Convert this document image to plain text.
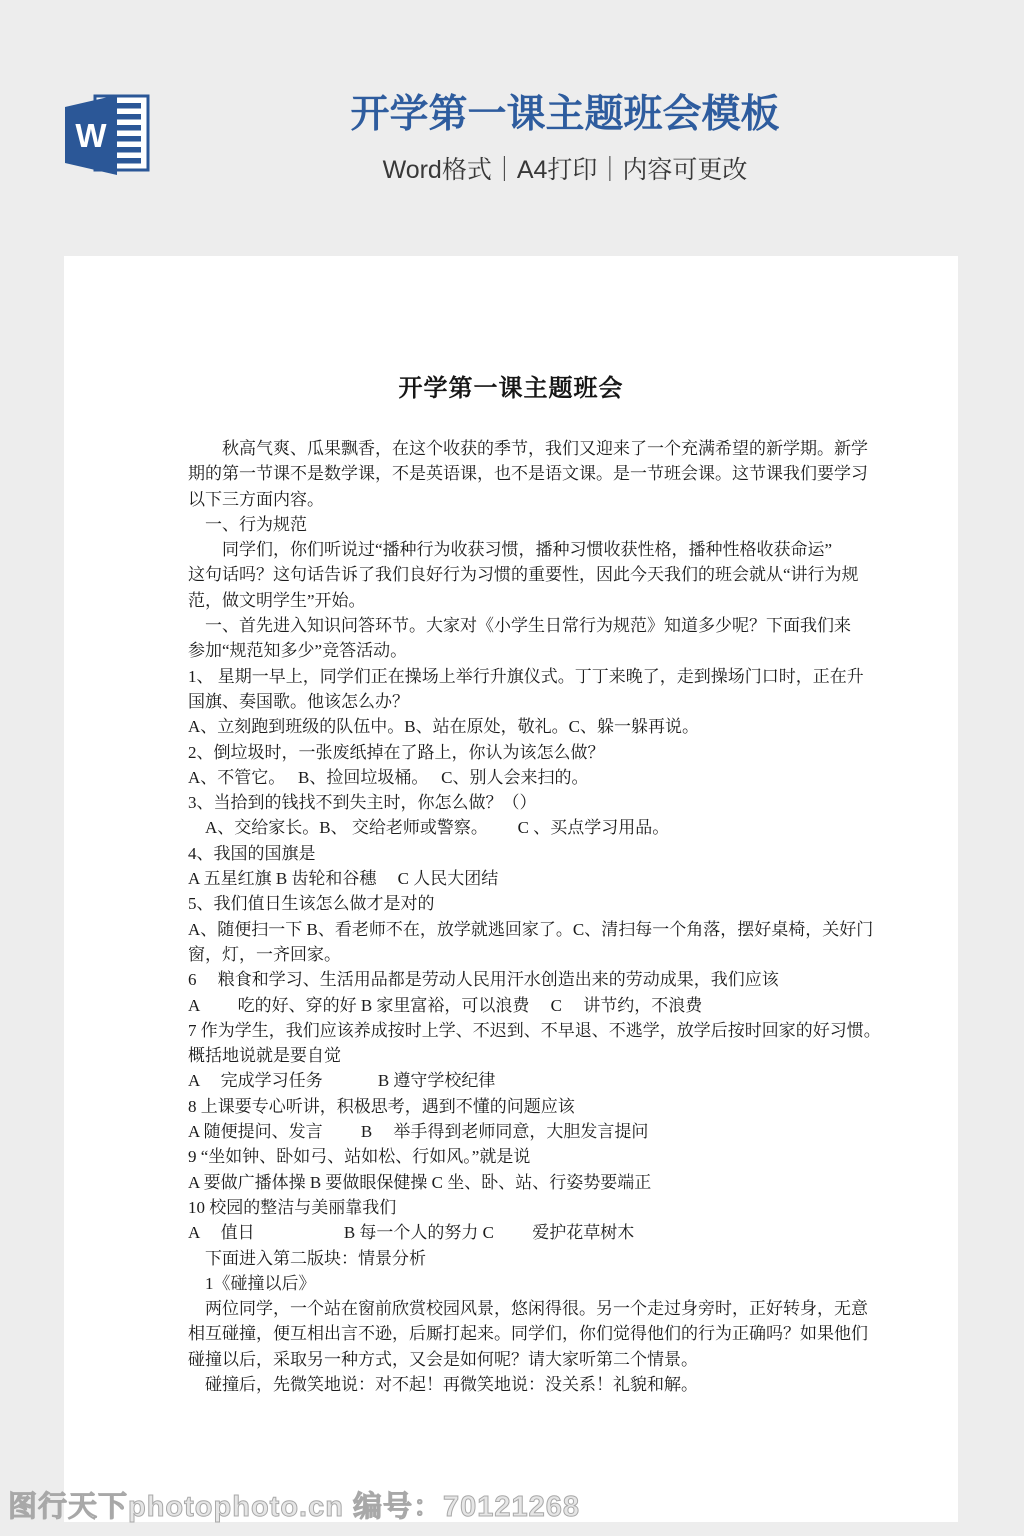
W	开学第一课主题班会模板
Word格式｜A4打印｜内容可更改
开学第一课主题班会
　　秋高气爽、瓜果飘香，在这个收获的季节，我们又迎来了一个充满希望的新学期。新学
期的第一节课不是数学课，不是英语课，也不是语文课。是一节班会课。这节课我们要学习
以下三方面内容。
　一、行为规范
　　同学们，你们听说过“播种行为收获习惯，播种习惯收获性格，播种性格收获命运”
这句话吗？这句话告诉了我们良好行为习惯的重要性，因此今天我们的班会就从“讲行为规
范，做文明学生”开始。
　一、首先进入知识问答环节。大家对《小学生日常行为规范》知道多少呢？下面我们来
参加“规范知多少”竞答活动。
1、 星期一早上，同学们正在操场上举行升旗仪式。丁丁来晚了，走到操场门口时，正在升
国旗、奏国歌。他该怎么办？
A、立刻跑到班级的队伍中。B、站在原处，敬礼。C、躲一躲再说。
2、倒垃圾时，一张废纸掉在了路上，你认为该怎么做？
A、不管它。　 B、捡回垃圾桶。　 C、别人会来扫的。
3、当拾到的钱找不到失主时，你怎么做？（）
　A、交给家长。B、 交给老师或警察。　　 C 、买点学习用品。
4、我国的国旗是
A 五星红旗 B 齿轮和谷穗　 C 人民大团结
5、我们值日生该怎么做才是对的
A、随便扫一下 B、看老师不在，放学就逃回家了。C、清扫每一个角落，摆好桌椅，关好门
窗，灯，一齐回家。
6　 粮食和学习、生活用品都是劳动人民用汗水创造出来的劳动成果，我们应该
A　　 吃的好、穿的好 B 家里富裕，可以浪费　 C　 讲节约，不浪费
7 作为学生，我们应该养成按时上学、不迟到、不早退、不逃学，放学后按时回家的好习惯。
概括地说就是要自觉
A　 完成学习任务　　　 B 遵守学校纪律
8 上课要专心听讲，积极思考，遇到不懂的问题应该
A 随便提问、发言　　 B　 举手得到老师同意，大胆发言提问
9 “坐如钟、卧如弓、站如松、行如风。”就是说
A 要做广播体操 B 要做眼保健操 C 坐、卧、站、行姿势要端正
10 校园的整洁与美丽靠我们
A　 值日　　　　　 B 每一个人的努力 C　　 爱护花草树木
　下面进入第二版块：情景分析
　1《碰撞以后》
　两位同学，一个站在窗前欣赏校园风景，悠闲得很。另一个走过身旁时，正好转身，无意
相互碰撞，便互相出言不逊，后厮打起来。同学们，你们觉得他们的行为正确吗？如果他们
碰撞以后，采取另一种方式，又会是如何呢？请大家听第二个情景。
　碰撞后，先微笑地说：对不起！再微笑地说：没关系！礼貌和解。
图行天下photophoto.cn 编号：70121268
